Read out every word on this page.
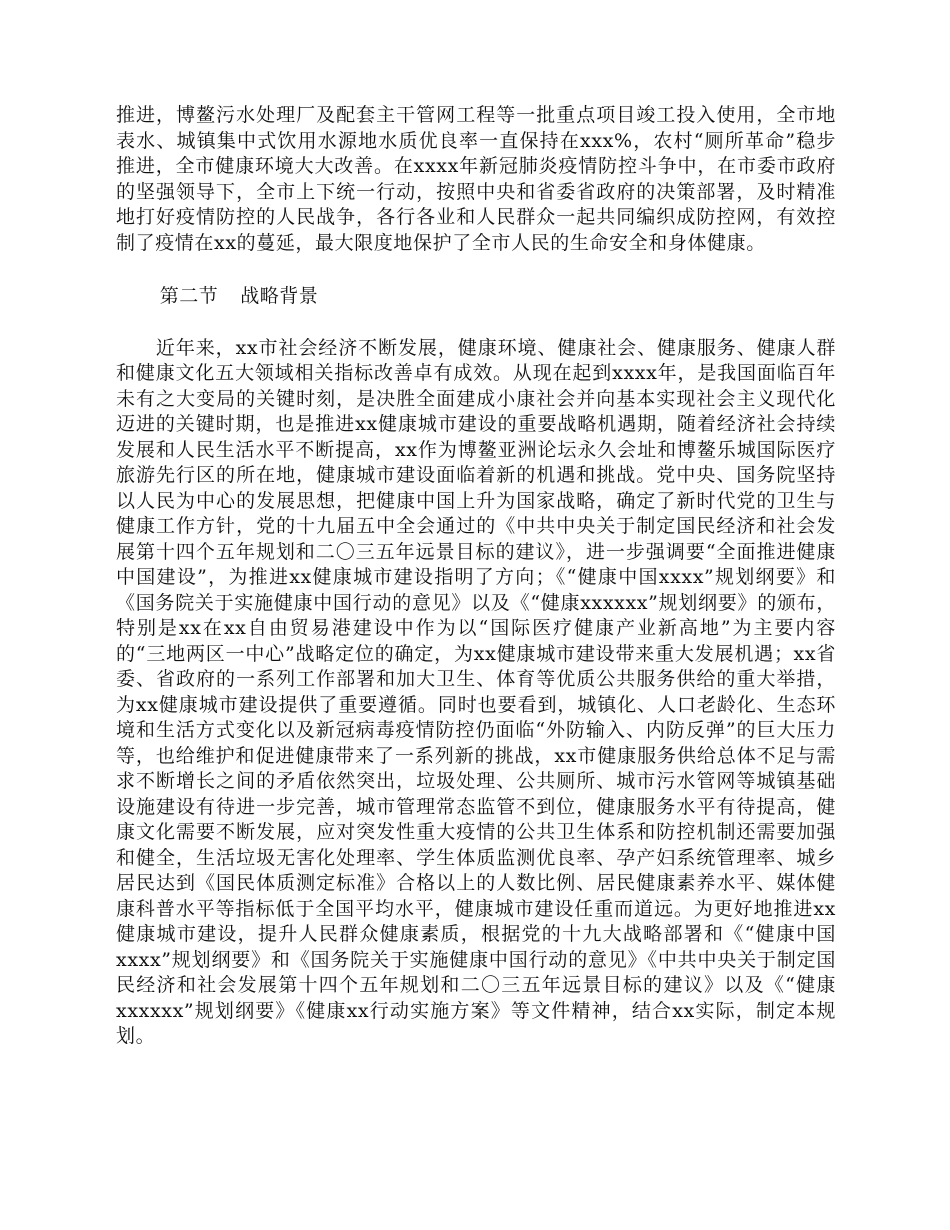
推进，博鳌污水处理厂及配套主干管网工程等一批重点项目竣工投入使用，全市地表水、城镇集中式饮用水源地水质优良率一直保持在xxx%，农村“厕所革命”稳步推进，全市健康环境大大改善。在xxxx年新冠肺炎疫情防控斗争中，在市委市政府的坚强领导下，全市上下统一行动，按照中央和省委省政府的决策部署，及时精准地打好疫情防控的人民战争，各行各业和人民群众一起共同编织成防控网，有效控制了疫情在xx的蔓延，最大限度地保护了全市人民的生命安全和身体健康。

第二节 战略背景

近年来，xx市社会经济不断发展，健康环境、健康社会、健康服务、健康人群和健康文化五大领域相关指标改善卓有成效。从现在起到xxxx年，是我国面临百年未有之大变局的关键时刻，是决胜全面建成小康社会并向基本实现社会主义现代化迈进的关键时期，也是推进xx健康城市建设的重要战略机遇期，随着经济社会持续发展和人民生活水平不断提高，xx作为博鳌亚洲论坛永久会址和博鳌乐城国际医疗旅游先行区的所在地，健康城市建设面临着新的机遇和挑战。党中央、国务院坚持以人民为中心的发展思想，把健康中国上升为国家战略，确定了新时代党的卫生与健康工作方针，党的十九届五中全会通过的《中共中央关于制定国民经济和社会发展第十四个五年规划和二〇三五年远景目标的建议》，进一步强调要“全面推进健康中国建设”，为推进xx健康城市建设指明了方向；《“健康中国xxxx”规划纲要》和《国务院关于实施健康中国行动的意见》以及《“健康xxxxxx”规划纲要》的颁布，特别是xx在xx自由贸易港建设中作为以“国际医疗健康产业新高地”为主要内容的“三地两区一中心”战略定位的确定，为xx健康城市建设带来重大发展机遇；xx省委、省政府的一系列工作部署和加大卫生、体育等优质公共服务供给的重大举措，为xx健康城市建设提供了重要遵循。同时也要看到，城镇化、人口老龄化、生态环境和生活方式变化以及新冠病毒疫情防控仍面临“外防输入、内防反弹”的巨大压力等，也给维护和促进健康带来了一系列新的挑战，xx市健康服务供给总体不足与需求不断增长之间的矛盾依然突出，垃圾处理、公共厕所、城市污水管网等城镇基础设施建设有待进一步完善，城市管理常态监管不到位，健康服务水平有待提高，健康文化需要不断发展，应对突发性重大疫情的公共卫生体系和防控机制还需要加强和健全，生活垃圾无害化处理率、学生体质监测优良率、孕产妇系统管理率、城乡居民达到《国民体质测定标准》合格以上的人数比例、居民健康素养水平、媒体健康科普水平等指标低于全国平均水平，健康城市建设任重而道远。为更好地推进xx健康城市建设，提升人民群众健康素质，根据党的十九大战略部署和《“健康中国xxxx”规划纲要》和《国务院关于实施健康中国行动的意见》《中共中央关于制定国民经济和社会发展第十四个五年规划和二〇三五年远景目标的建议》以及《“健康xxxxxx”规划纲要》《健康xx行动实施方案》等文件精神，结合xx实际，制定本规划。
